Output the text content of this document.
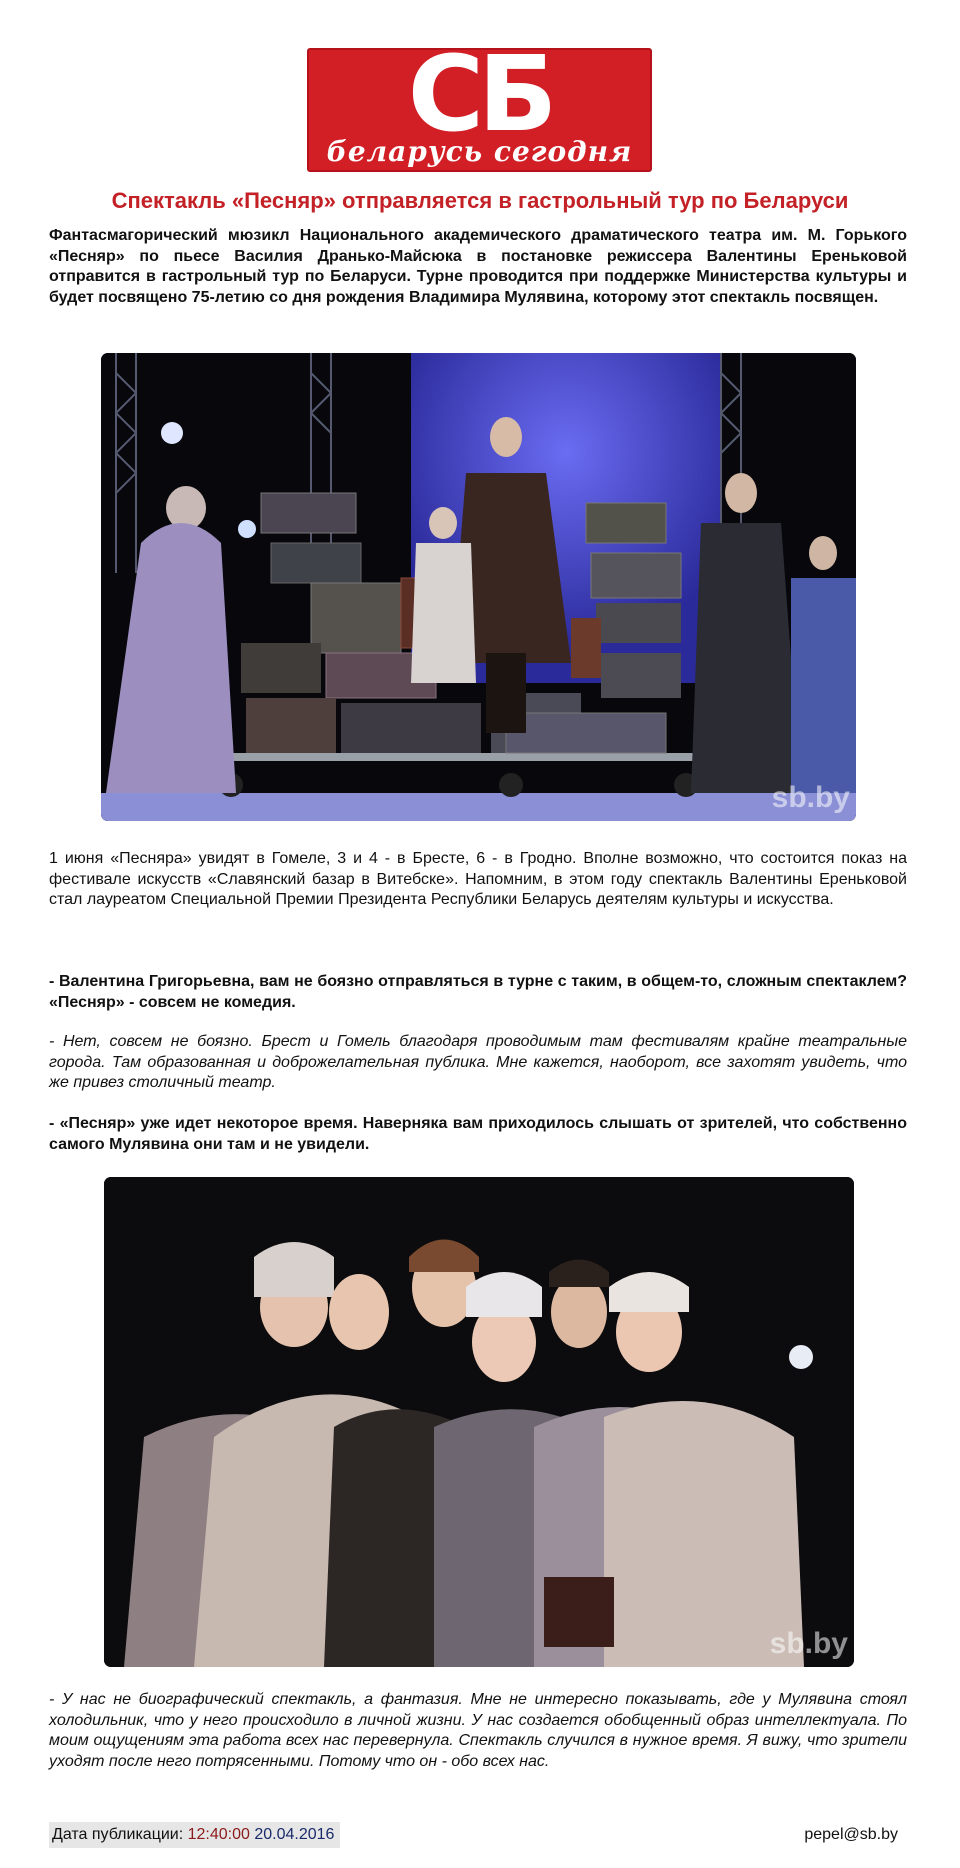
СБ
беларусь сегодня
Спектакль «Песняр» отправляется в гастрольный тур по Беларуси
Фантасмагорический мюзикл Национального академического драматического театра им. М. Горького «Песняр» по пьесе Василия Дранько-Майсюка в постановке режиссера Валентины Ереньковой отправится в гастрольный тур по Беларуси. Турне проводится при поддержке Министерства культуры и будет посвящено 75-летию со дня рождения Владимира Мулявина, которому этот спектакль посвящен.
sb.by
1 июня «Песняра» увидят в Гомеле, 3 и 4 - в Бресте, 6 - в Гродно. Вполне возможно, что состоится показ на фестивале искусств «Славянский базар в Витебске». Напомним, в этом году спектакль Валентины Ереньковой стал лауреатом Специальной Премии Президента Республики Беларусь деятелям культуры и искусства.
- Валентина Григорьевна, вам не боязно отправляться в турне с таким, в общем-то, сложным спектаклем? «Песняр» - совсем не комедия.
- Нет, совсем не боязно. Брест и Гомель благодаря проводимым там фестивалям крайне театральные города. Там образованная и доброжелательная публика. Мне кажется, наоборот, все захотят увидеть, что же привез столичный театр.
- «Песняр» уже идет некоторое время. Наверняка вам приходилось слышать от зрителей, что собственно самого Мулявина они там и не увидели.
sb.by
- У нас не биографический спектакль, а фантазия. Мне не интересно показывать, где у Мулявина стоял холодильник, что у него происходило в личной жизни. У нас создается обобщенный образ интеллектуала. По моим ощущениям эта работа всех нас перевернула. Спектакль случился в нужное время. Я вижу, что зрители уходят после него потрясенными. Потому что он - обо всех нас.
Дата публикации: 12:40:00 20.04.2016	pepel@sb.by
